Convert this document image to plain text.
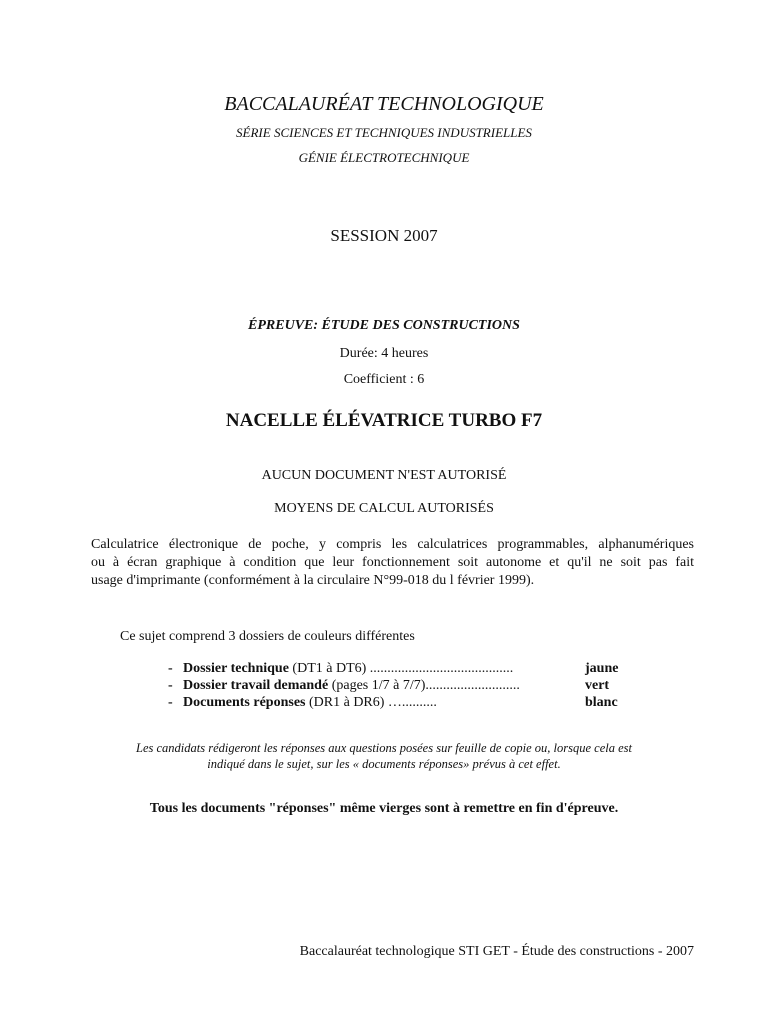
BACCALAURÉAT TECHNOLOGIQUE
SÉRIE SCIENCES ET TECHNIQUES INDUSTRIELLES
GÉNIE ÉLECTROTECHNIQUE
SESSION 2007
ÉPREUVE: ÉTUDE DES CONSTRUCTIONS
Durée: 4 heures
Coefficient : 6
NACELLE ÉLÉVATRICE TURBO F7
AUCUN DOCUMENT N'EST AUTORISÉ
MOYENS DE CALCUL AUTORISÉS
Calculatrice électronique de poche, y compris les calculatrices programmables, alphanumériques
ou à écran graphique à condition que leur fonctionnement soit autonome et qu'il ne soit pas fait
usage d'imprimante (conformément à la circulaire N°99-018 du l février 1999).
Ce sujet comprend 3 dossiers de couleurs différentes
- Dossier technique (DT1 à DT6) .........................................	jaune
- Dossier travail demandé (pages 1/7 à 7/7)...........................	vert
- Documents réponses (DR1 à DR6) …..........	blanc
Les candidats rédigeront les réponses aux questions posées sur feuille de copie ou, lorsque cela est
indiqué dans le sujet, sur les « documents réponses» prévus à cet effet.
Tous les documents "réponses" même vierges sont à remettre en fin d'épreuve.
Baccalauréat technologique STI GET - Étude des constructions - 2007
